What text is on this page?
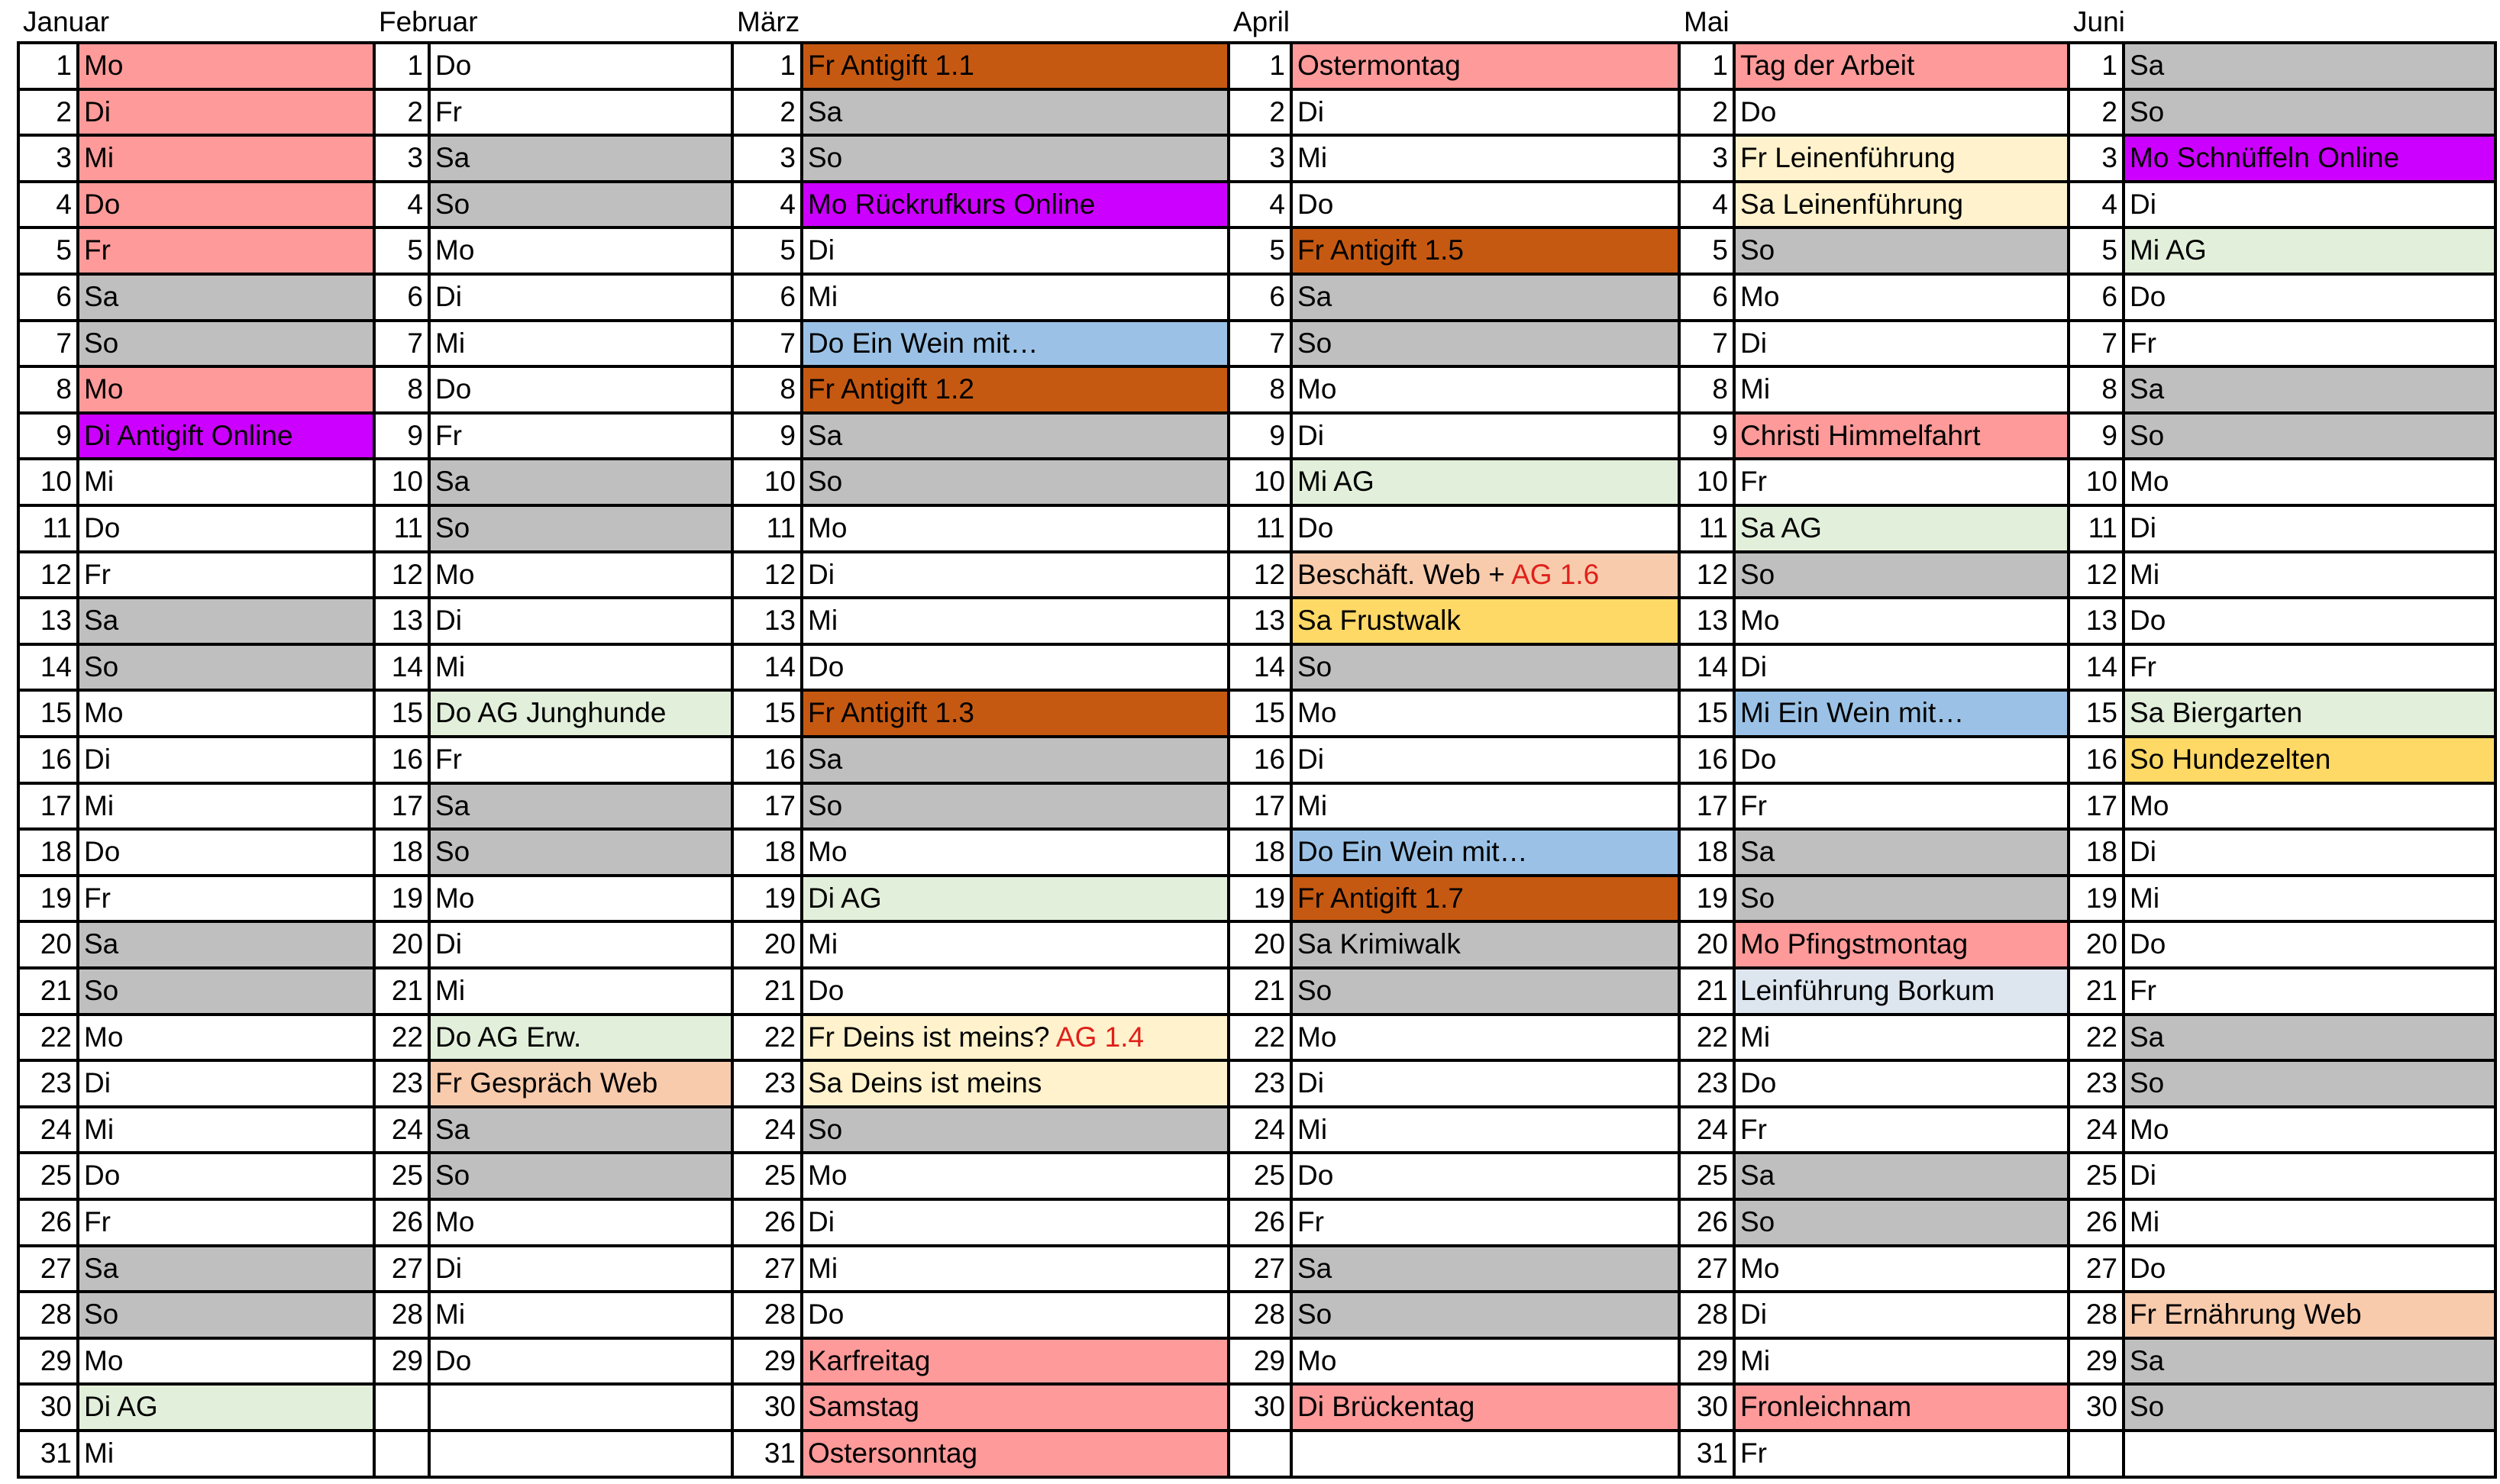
Januar
1 Mo
2 Di
3 Mi
4 Do
5 Fr
6 Sa
7 So
8 Mo
9 Di Antigift Online
10 Mi
11 Do
12 Fr
13 Sa
14 So
15 Mo
16 Di
17 Mi
18 Do
19 Fr
20 Sa
21 So
22 Mo
23 Di
24 Mi
25 Do
26 Fr
27 Sa
28 So
29 Mo
30 Di AG
31 Mi
Februar
1 Do
2 Fr
3 Sa
4 So
5 Mo
6 Di
7 Mi
8 Do
9 Fr
10 Sa
11 So
12 Mo
13 Di
14 Mi
15 Do AG Junghunde
16 Fr
17 Sa
18 So
19 Mo
20 Di
21 Mi
22 Do AG Erw.
23 Fr Gespräch Web
24 Sa
25 So
26 Mo
27 Di
28 Mi
29 Do
März
1 Fr Antigift 1.1
2 Sa
3 So
4 Mo Rückrufkurs Online
5 Di
6 Mi
7 Do Ein Wein mit…
8 Fr Antigift 1.2
9 Sa
10 So
11 Mo
12 Di
13 Mi
14 Do
15 Fr Antigift 1.3
16 Sa
17 So
18 Mo
19 Di AG
20 Mi
21 Do
22 Fr Deins ist meins? AG 1.4
23 Sa Deins ist meins
24 So
25 Mo
26 Di
27 Mi
28 Do
29 Karfreitag
30 Samstag
31 Ostersonntag
April
1 Ostermontag
2 Di
3 Mi
4 Do
5 Fr Antigift 1.5
6 Sa
7 So
8 Mo
9 Di
10 Mi AG
11 Do
12 Beschäft. Web + AG 1.6
13 Sa Frustwalk
14 So
15 Mo
16 Di
17 Mi
18 Do Ein Wein mit…
19 Fr Antigift 1.7
20 Sa Krimiwalk
21 So
22 Mo
23 Di
24 Mi
25 Do
26 Fr
27 Sa
28 So
29 Mo
30 Di Brückentag
Mai
1 Tag der Arbeit
2 Do
3 Fr Leinenführung
4 Sa Leinenführung
5 So
6 Mo
7 Di
8 Mi
9 Christi Himmelfahrt
10 Fr
11 Sa AG
12 So
13 Mo
14 Di
15 Mi Ein Wein mit…
16 Do
17 Fr
18 Sa
19 So
20 Mo Pfingstmontag
21 Leinführung Borkum
22 Mi
23 Do
24 Fr
25 Sa
26 So
27 Mo
28 Di
29 Mi
30 Fronleichnam
31 Fr
Juni
1 Sa
2 So
3 Mo Schnüffeln Online
4 Di
5 Mi AG
6 Do
7 Fr
8 Sa
9 So
10 Mo
11 Di
12 Mi
13 Do
14 Fr
15 Sa Biergarten
16 So Hundezelten
17 Mo
18 Di
19 Mi
20 Do
21 Fr
22 Sa
23 So
24 Mo
25 Di
26 Mi
27 Do
28 Fr Ernährung Web
29 Sa
30 So
